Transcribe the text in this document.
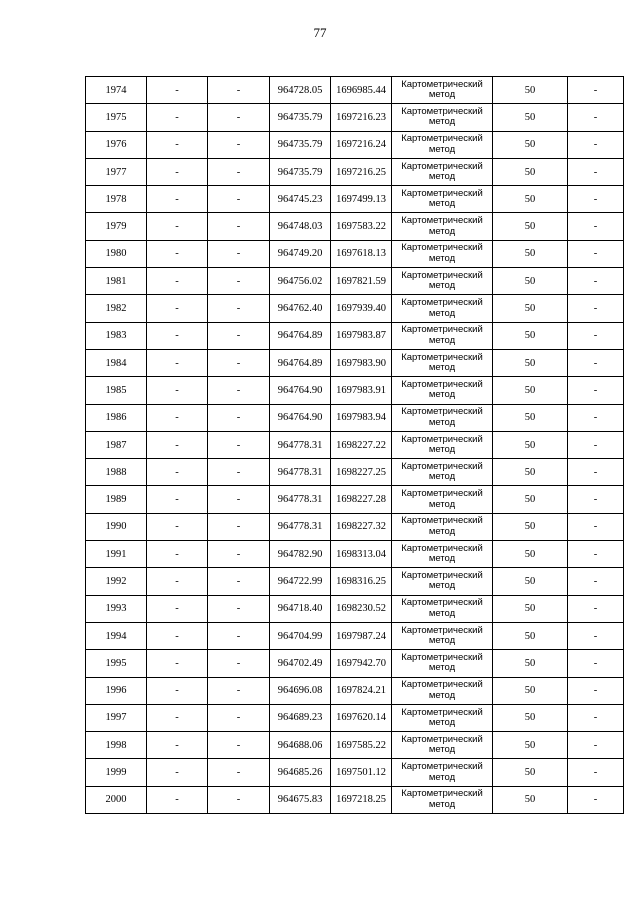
77
1974	-	-	964728.05	1696985.44	Картометрический метод	50	-
1975	-	-	964735.79	1697216.23	Картометрический метод	50	-
1976	-	-	964735.79	1697216.24	Картометрический метод	50	-
1977	-	-	964735.79	1697216.25	Картометрический метод	50	-
1978	-	-	964745.23	1697499.13	Картометрический метод	50	-
1979	-	-	964748.03	1697583.22	Картометрический метод	50	-
1980	-	-	964749.20	1697618.13	Картометрический метод	50	-
1981	-	-	964756.02	1697821.59	Картометрический метод	50	-
1982	-	-	964762.40	1697939.40	Картометрический метод	50	-
1983	-	-	964764.89	1697983.87	Картометрический метод	50	-
1984	-	-	964764.89	1697983.90	Картометрический метод	50	-
1985	-	-	964764.90	1697983.91	Картометрический метод	50	-
1986	-	-	964764.90	1697983.94	Картометрический метод	50	-
1987	-	-	964778.31	1698227.22	Картометрический метод	50	-
1988	-	-	964778.31	1698227.25	Картометрический метод	50	-
1989	-	-	964778.31	1698227.28	Картометрический метод	50	-
1990	-	-	964778.31	1698227.32	Картометрический метод	50	-
1991	-	-	964782.90	1698313.04	Картометрический метод	50	-
1992	-	-	964722.99	1698316.25	Картометрический метод	50	-
1993	-	-	964718.40	1698230.52	Картометрический метод	50	-
1994	-	-	964704.99	1697987.24	Картометрический метод	50	-
1995	-	-	964702.49	1697942.70	Картометрический метод	50	-
1996	-	-	964696.08	1697824.21	Картометрический метод	50	-
1997	-	-	964689.23	1697620.14	Картометрический метод	50	-
1998	-	-	964688.06	1697585.22	Картометрический метод	50	-
1999	-	-	964685.26	1697501.12	Картометрический метод	50	-
2000	-	-	964675.83	1697218.25	Картометрический метод	50	-
